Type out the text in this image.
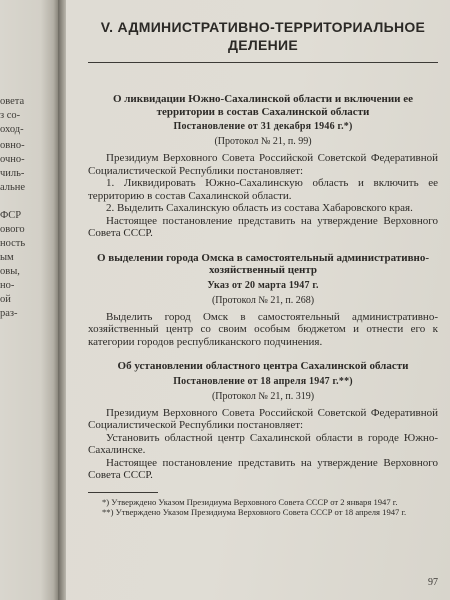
овета
з со-
оход-
овно-
очно-
чиль-
альне
ФСР
ового
ность
ым
овы,
но-
ой
раз-
V. АДМИНИСТРАТИВНО-ТЕРРИТОРИАЛЬНОЕ
ДЕЛЕНИЕ
О ликвидации Южно-Сахалинской области и включении ее территории в состав Сахалинской области
Постановление от 31 декабря 1946 г.*)
(Протокол № 21, п. 99)

Президиум Верховного Совета Российской Советской Федеративной Социалистической Республики постановляет:

1. Ликвидировать Южно-Сахалинскую область и включить ее территорию в состав Сахалинской области.

2. Выделить Сахалинскую область из состава Хабаровского края.

Настоящее постановление представить на утверждение Верховного Совета СССР.

О выделении города Омска в самостоятельный административно-хозяйственный центр
Указ от 20 марта 1947 г.
(Протокол № 21, п. 268)

Выделить город Омск в самостоятельный административно-хозяйственный центр со своим особым бюджетом и отнести его к категории городов республиканского подчинения.

Об установлении областного центра Сахалинской области
Постановление от 18 апреля 1947 г.**)
(Протокол № 21, п. 319)

Президиум Верховного Совета Российской Советской Федеративной Социалистической Республики постановляет:

Установить областной центр Сахалинской области в городе Южно-Сахалинске.

Настоящее постановление представить на утверждение Верховного Совета СССР.

*) Утверждено Указом Президиума Верховного Совета СССР от 2 января 1947 г.

**) Утверждено Указом Президиума Верховного Совета СССР от 18 апреля 1947 г.

97
